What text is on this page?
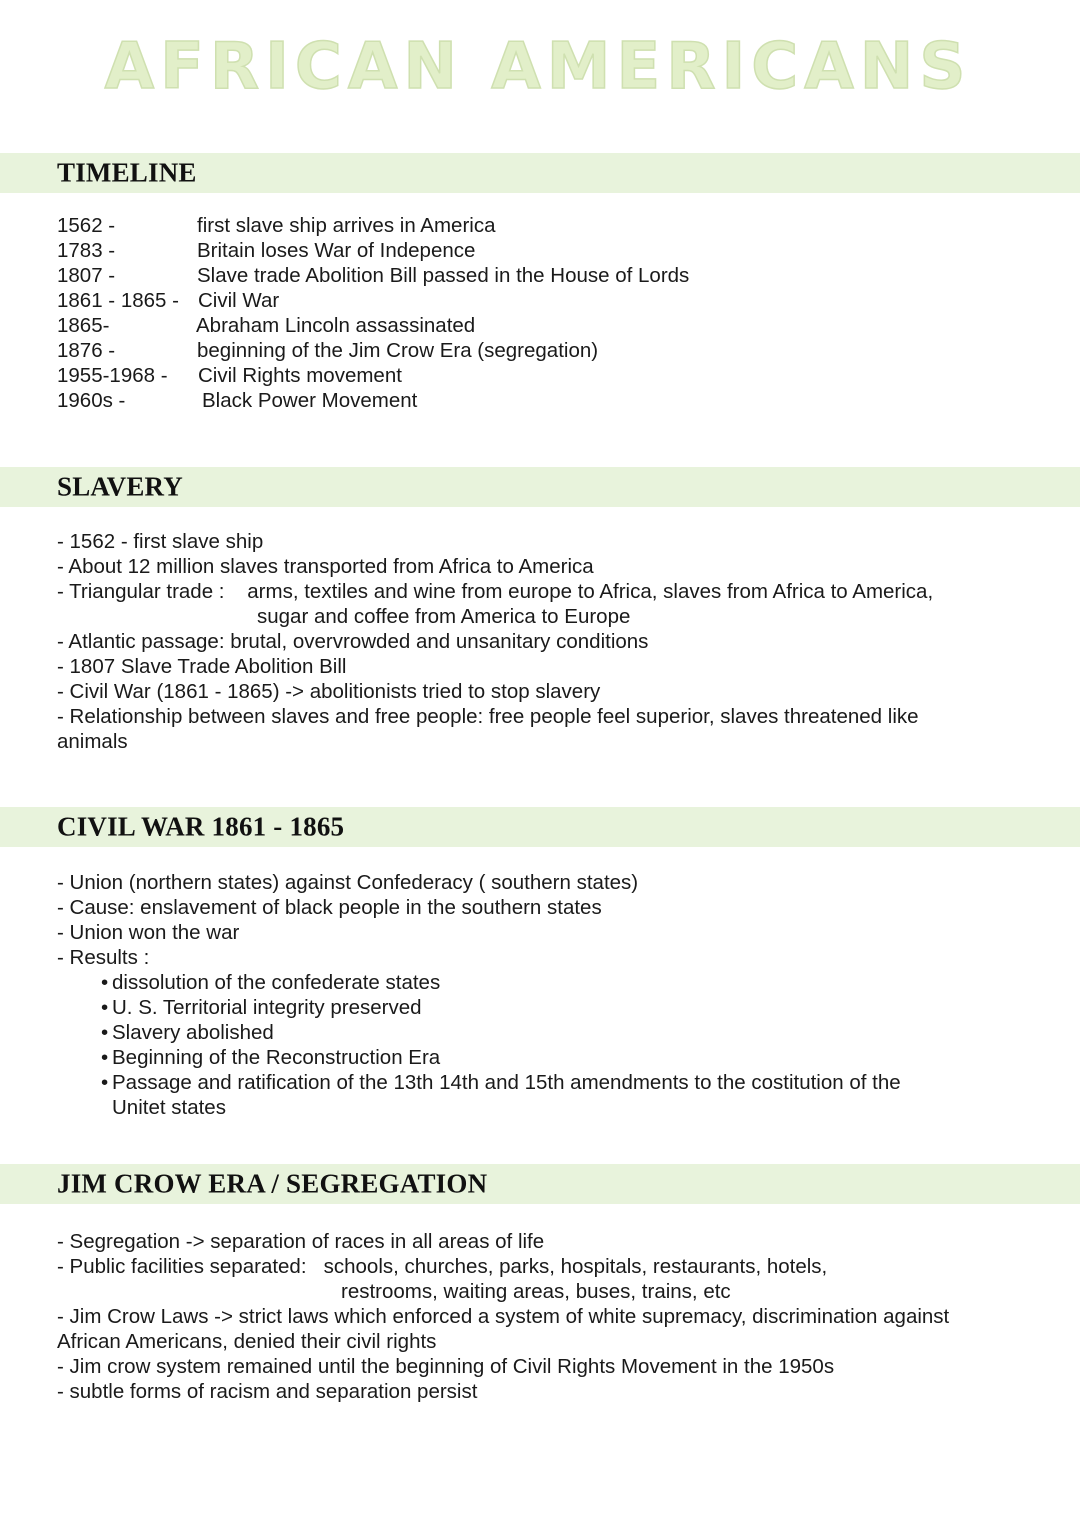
AFRICAN AMERICANS
TIMELINE
1562 -	first slave ship arrives in America
1783 -	Britain loses War of Indepence
1807 -	Slave trade Abolition Bill passed in the House of Lords
1861 - 1865 - Civil War
1865-	Abraham Lincoln assassinated
1876 -	beginning of the Jim Crow Era (segregation)
1955-1968 - Civil Rights movement
1960s -	Black Power Movement
SLAVERY
- 1562 - first slave ship
- About 12 million slaves transported from Africa to America
- Triangular trade :    arms, textiles and wine from europe to Africa, slaves from Africa to America,
sugar and coffee from America to Europe
- Atlantic passage: brutal, overvrowded and unsanitary conditions
- 1807 Slave Trade Abolition Bill
- Civil War (1861 - 1865) -> abolitionists tried to stop slavery
- Relationship between slaves and free people: free people feel superior, slaves threatened like
animals
CIVIL WAR 1861 - 1865
- Union (northern states) against Confederacy ( southern states)
- Cause: enslavement of black people in the southern states
- Union won the war
- Results :
• dissolution of the confederate states
• U. S. Territorial integrity preserved
• Slavery abolished
• Beginning of the Reconstruction Era
• Passage and ratification of the 13th 14th and 15th amendments to the costitution of the
Unitet states
JIM CROW ERA / SEGREGATION
- Segregation -> separation of races in all areas of life
- Public facilities separated:   schools, churches, parks, hospitals, restaurants, hotels,
restrooms, waiting areas, buses, trains, etc
- Jim Crow Laws -> strict laws which enforced a system of white supremacy, discrimination against
African Americans, denied their civil rights
- Jim crow system remained until the beginning of Civil Rights Movement in the 1950s
- subtle forms of racism and separation persist
